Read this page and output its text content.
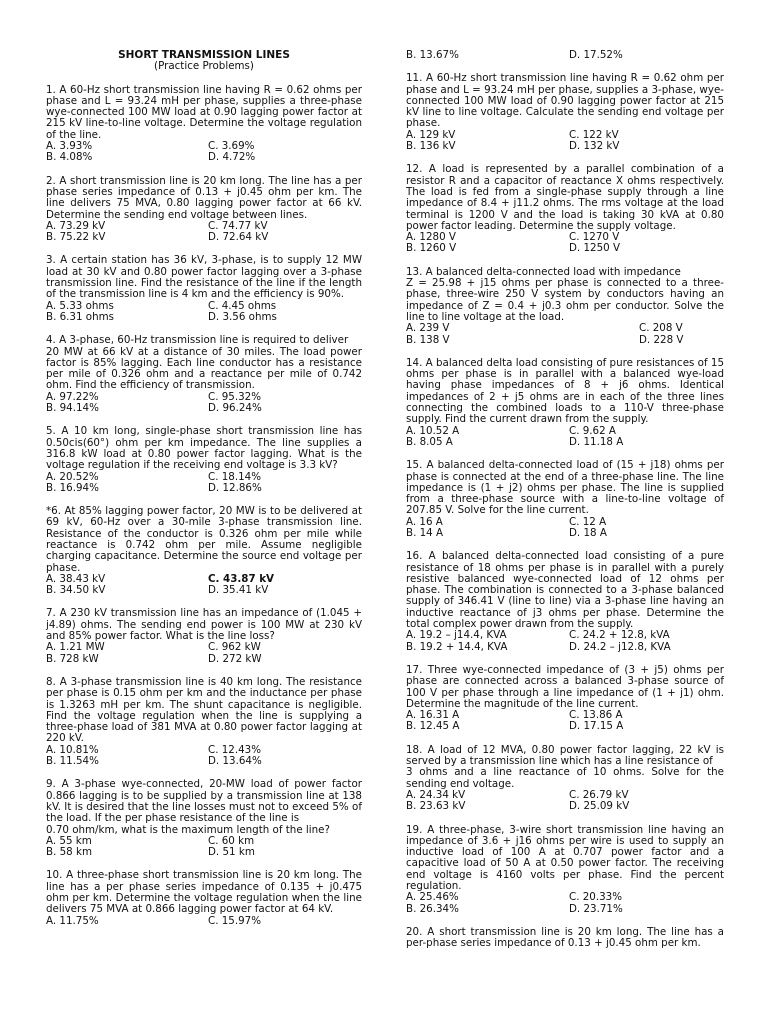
SHORT TRANSMISSION LINES
(Practice Problems)
1. A 60-Hz short transmission line having R = 0.62 ohms per phase and L = 93.24 mH per phase, supplies a three-phase wye-connected 100 MW load at 0.90 lagging power factor at 215 kV line-to-line voltage. Determine the voltage regulation of the line.
A. 3.93%	C. 3.69%
B. 4.08%	D. 4.72%
2. A short transmission line is 20 km long. The line has a per phase series impedance of 0.13 + j0.45 ohm per km. The line delivers 75 MVA, 0.80 lagging power factor at 66 kV. Determine the sending end voltage between lines.
A. 73.29 kV	C. 74.77 kV
B. 75.22 kV	D. 72.64 kV
3. A certain station has 36 kV, 3-phase, is to supply 12 MW load at 30 kV and 0.80 power factor lagging over a 3-phase transmission line. Find the resistance of the line if the length of the transmission line is 4 km and the efficiency is 90%.
A. 5.33 ohms	C. 4.45 ohms
B. 6.31 ohms	D. 3.56 ohms
4. A 3-phase, 60-Hz transmission line is required to deliver
20 MW at 66 kV at a distance of 30 miles. The load power factor is 85% lagging. Each line conductor has a resistance per mile of 0.326 ohm and a reactance per mile of 0.742 ohm. Find the efficiency of transmission.
A. 97.22%	C. 95.32%
B. 94.14%	D. 96.24%
5. A 10 km long, single-phase short transmission line has 0.50cis(60°) ohm per km impedance. The line supplies a 316.8 kW load at 0.80 power factor lagging. What is the voltage regulation if the receiving end voltage is 3.3 kV?
A. 20.52%	C. 18.14%
B. 16.94%	D. 12.86%
*6. At 85% lagging power factor, 20 MW is to be delivered at 69 kV, 60-Hz over a 30-mile 3-phase transmission line. Resistance of the conductor is 0.326 ohm per mile while reactance is 0.742 ohm per mile. Assume negligible charging capacitance. Determine the source end voltage per phase.
A. 38.43 kV	C. 43.87 kV
B. 34.50 kV	D. 35.41 kV
7. A 230 kV transmission line has an impedance of (1.045 + j4.89) ohms. The sending end power is 100 MW at 230 kV and 85% power factor. What is the line loss?
A. 1.21 MW	C. 962 kW
B. 728 kW	D. 272 kW
8. A 3-phase transmission line is 40 km long. The resistance per phase is 0.15 ohm per km and the inductance per phase is 1.3263 mH per km. The shunt capacitance is negligible. Find the voltage regulation when the line is supplying a three-phase load of 381 MVA at 0.80 power factor lagging at 220 kV.
A. 10.81%	C. 12.43%
B. 11.54%	D. 13.64%
9. A 3-phase wye-connected, 20-MW load of power factor 0.866 lagging is to be supplied by a transmission line at 138 kV. It is desired that the line losses must not to exceed 5% of the load. If the per phase resistance of the line is
0.70 ohm/km, what is the maximum length of the line?
A. 55 km	C. 60 km
B. 58 km	D. 51 km
10. A three-phase short transmission line is 20 km long. The line has a per phase series impedance of 0.135 + j0.475 ohm per km. Determine the voltage regulation when the line delivers 75 MVA at 0.866 lagging power factor at 64 kV.
A. 11.75%	C. 15.97%
B. 13.67%	D. 17.52%
11. A 60-Hz short transmission line having R = 0.62 ohm per phase and L = 93.24 mH per phase, supplies a 3-phase, wye-connected 100 MW load of 0.90 lagging power factor at 215 kV line to line voltage. Calculate the sending end voltage per phase.
A. 129 kV	C. 122 kV
B. 136 kV	D. 132 kV
12. A load is represented by a parallel combination of a resistor R and a capacitor of reactance X ohms respectively. The load is fed from a single-phase supply through a line impedance of 8.4 + j11.2 ohms. The rms voltage at the load terminal is 1200 V and the load is taking 30 kVA at 0.80 power factor leading. Determine the supply voltage.
A. 1280 V	C. 1270 V
B. 1260 V	D. 1250 V
13. A balanced delta-connected load with impedance
Z = 25.98 + j15 ohms per phase is connected to a three-phase, three-wire 250 V system by conductors having an impedance of Z = 0.4 + j0.3 ohm per conductor. Solve the line to line voltage at the load.
A. 239 V	C. 208 V
B. 138 V	D. 228 V
14. A balanced delta load consisting of pure resistances of 15 ohms per phase is in parallel with a balanced wye-load having phase impedances of 8 + j6 ohms. Identical impedances of 2 + j5 ohms are in each of the three lines connecting the combined loads to a 110-V three-phase supply. Find the current drawn from the supply.
A. 10.52 A	C. 9.62 A
B. 8.05 A	D. 11.18 A
15. A balanced delta-connected load of (15 + j18) ohms per phase is connected at the end of a three-phase line. The line impedance is (1 + j2) ohms per phase. The line is supplied from a three-phase source with a line-to-line voltage of 207.85 V. Solve for the line current.
A. 16 A	C. 12 A
B. 14 A	D. 18 A
16. A balanced delta-connected load consisting of a pure resistance of 18 ohms per phase is in parallel with a purely resistive balanced wye-connected load of 12 ohms per phase. The combination is connected to a 3-phase balanced supply of 346.41 V (line to line) via a 3-phase line having an inductive reactance of j3 ohms per phase. Determine the total complex power drawn from the supply.
A. 19.2 – j14.4, KVA	C. 24.2 + 12.8, kVA
B. 19.2 + 14.4, KVA	D. 24.2 – j12.8, KVA
17. Three wye-connected impedance of (3 + j5) ohms per phase are connected across a balanced 3-phase source of 100 V per phase through a line impedance of (1 + j1) ohm. Determine the magnitude of the line current.
A. 16.31 A	C. 13.86 A
B. 12.45 A	D. 17.15 A
18. A load of 12 MVA, 0.80 power factor lagging, 22 kV is served by a transmission line which has a line resistance of
3 ohms and a line reactance of 10 ohms. Solve for the sending end voltage.
A. 24.34 kV	C. 26.79 kV
B. 23.63 kV	D. 25.09 kV
19. A three-phase, 3-wire short transmission line having an impedance of 3.6 + j16 ohms per wire is used to supply an inductive load of 100 A at 0.707 power factor and a capacitive load of 50 A at 0.50 power factor. The receiving end voltage is 4160 volts per phase. Find the percent regulation.
A. 25.46%	C. 20.33%
B. 26.34%	D. 23.71%
20. A short transmission line is 20 km long. The line has a per-phase series impedance of 0.13 + j0.45 ohm per km.
